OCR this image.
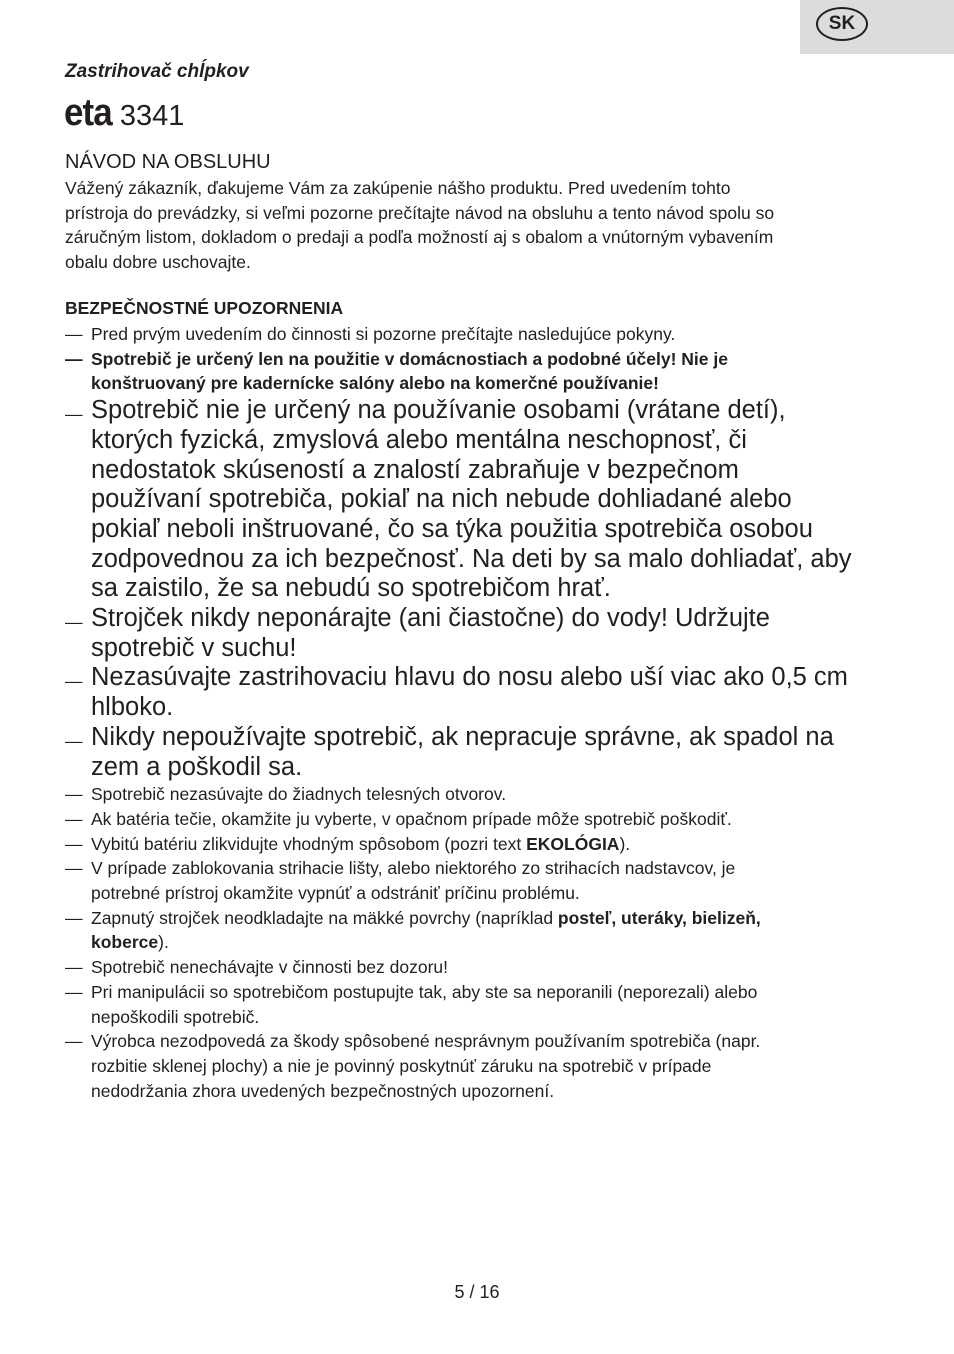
SK
Zastrihovač chĺpkov
eta 3341
NÁVOD NA OBSLUHU
Vážený zákazník, ďakujeme Vám za zakúpenie nášho produktu. Pred uvedením tohto
prístroja do prevádzky, si veľmi pozorne prečítajte návod na obsluhu a tento návod spolu so
záručným listom, dokladom o predaji a podľa možností aj s obalom a vnútorným vybavením
obalu dobre uschovajte.
BEZPEČNOSTNÉ UPOZORNENIA
— Pred prvým uvedením do činnosti si pozorne prečítajte nasledujúce pokyny.
— Spotrebič je určený len na použitie v domácnostiach a podobné účely! Nie je
konštruovaný pre kadernícke salóny alebo na komerčné používanie!
— Spotrebič nie je určený na používanie osobami (vrátane detí),
ktorých fyzická, zmyslová alebo mentálna neschopnosť, či
nedostatok skúseností a znalostí zabraňuje v bezpečnom
používaní spotrebiča, pokiaľ na nich nebude dohliadané alebo
pokiaľ neboli inštruované, čo sa týka použitia spotrebiča osobou
zodpovednou za ich bezpečnosť. Na deti by sa malo dohliadať, aby
sa zaistilo, že sa nebudú so spotrebičom hrať.
— Strojček nikdy neponárajte (ani čiastočne) do vody! Udržujte
spotrebič v suchu!
— Nezasúvajte zastrihovaciu hlavu do nosu alebo uší viac ako 0,5 cm
hlboko.
— Nikdy nepoužívajte spotrebič, ak nepracuje správne, ak spadol na
zem a poškodil sa.
— Spotrebič nezasúvajte do žiadnych telesných otvorov.
— Ak batéria tečie, okamžite ju vyberte, v opačnom prípade môže spotrebič poškodiť.
— Vybitú batériu zlikvidujte vhodným spôsobom (pozri text EKOLÓGIA).
— V prípade zablokovania strihacie lišty, alebo niektorého zo strihacích nadstavcov, je
potrebné prístroj okamžite vypnúť a odstrániť príčinu problému.
— Zapnutý strojček neodkladajte na mäkké povrchy (napríklad posteľ, uteráky, bielizeň,
koberce).
— Spotrebič nenechávajte v činnosti bez dozoru!
— Pri manipulácii so spotrebičom postupujte tak, aby ste sa neporanili (neporezali) alebo
nepoškodili spotrebič.
— Výrobca nezodpovedá za škody spôsobené nesprávnym používaním spotrebiča (napr.
rozbitie sklenej plochy) a nie je povinný poskytnúť záruku na spotrebič v prípade
nedodržania zhora uvedených bezpečnostných upozornení.
5 / 16
